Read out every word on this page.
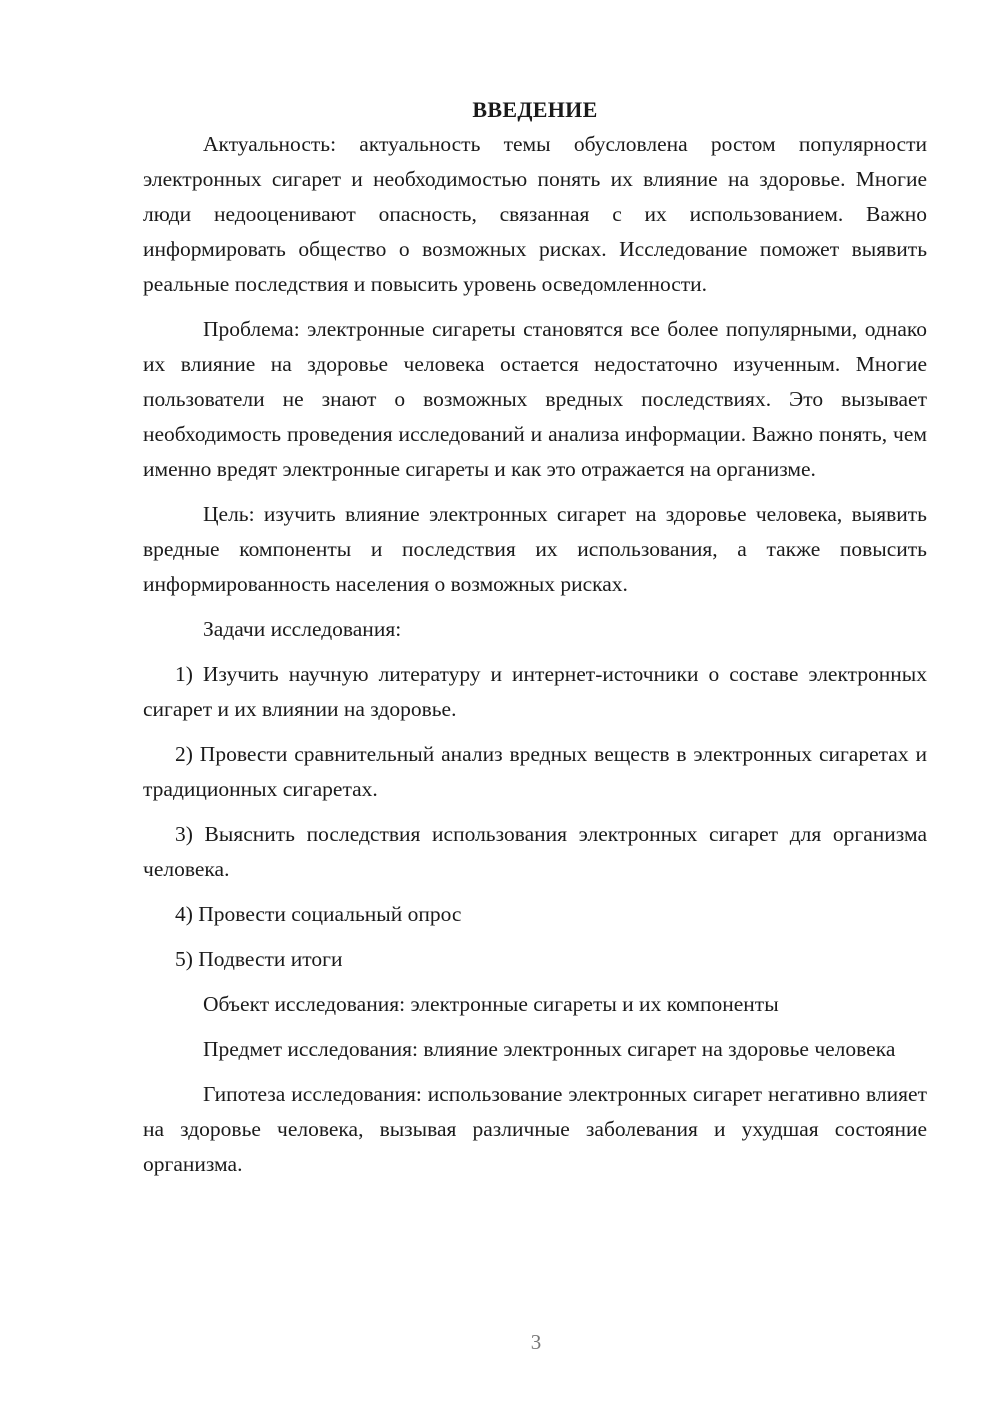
ВВЕДЕНИЕ

Актуальность: актуальность темы обусловлена ростом популярности электронных сигарет и необходимостью понять их влияние на здоровье. Многие люди недооценивают опасность, связанная с их использованием. Важно информировать общество о возможных рисках. Исследование поможет выявить реальные последствия и повысить уровень осведомленности.

Проблема: электронные сигареты становятся все более популярными, однако их влияние на здоровье человека остается недостаточно изученным. Многие пользователи не знают о возможных вредных последствиях. Это вызывает необходимость проведения исследований и анализа информации. Важно понять, чем именно вредят электронные сигареты и как это отражается на организме.

Цель: изучить влияние электронных сигарет на здоровье человека, выявить вредные компоненты и последствия их использования, а также повысить информированность населения о возможных рисках.

Задачи исследования:

1) Изучить научную литературу и интернет-источники о составе электронных сигарет и их влиянии на здоровье.

2) Провести сравнительный анализ вредных веществ в электронных сигаретах и традиционных сигаретах.

3) Выяснить последствия использования электронных сигарет для организма человека.

4) Провести социальный опрос

5) Подвести итоги

Объект исследования: электронные сигареты и их компоненты

Предмет исследования: влияние электронных сигарет на здоровье человека

Гипотеза исследования: использование электронных сигарет негативно влияет на здоровье человека, вызывая различные заболевания и ухудшая состояние организма.

3
